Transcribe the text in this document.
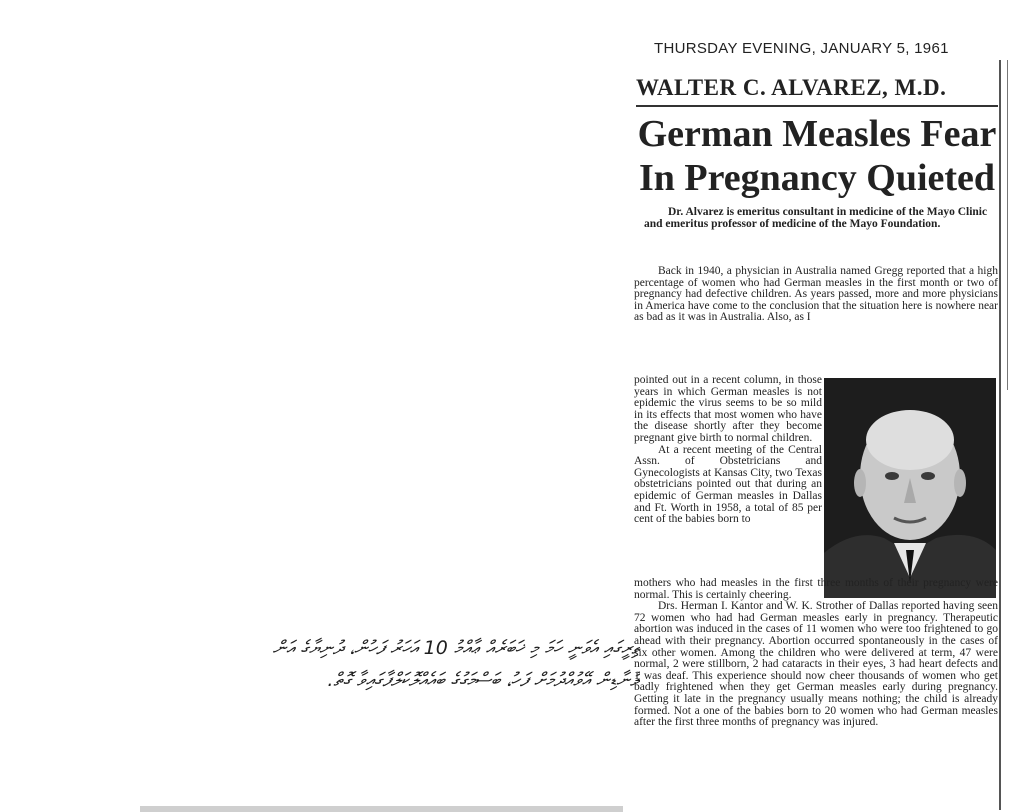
ތިރީގައި އެވަނީ ހަމަ މި ޚަބަރެއް ޢާއްމު 10 އަހަރު ފަހުން، ދުނިޔާގެ އަން
ލޮނާޑިން އޭވުއްދުމަށް ފަހު، ބަސްމަގުގެ ބައެއްލޮކަލްފާގައިވާ ގޮތް.
THURSDAY EVENING, JANUARY 5, 1961
WALTER C. ALVAREZ, M.D.
German Measles Fear
In Pregnancy Quieted
Dr. Alvarez is emeritus consultant in medicine of the Mayo Clinic and emeritus professor of medicine of the Mayo Foundation.
Back in 1940, a physician in Australia named Gregg reported that a high percentage of women who had German measles in the first month or two of pregnancy had defective children. As years passed, more and more physicians in America have come to the conclusion that the situation here is nowhere near as bad as it was in Australia. Also, as I

pointed out in a recent column, in those years in which German measles is not epidemic the virus seems to be so mild in its effects that most women who have the disease shortly after they become pregnant give birth to normal children.

At a recent meeting of the Central Assn. of Obstetricians and Gynecologists at Kansas City, two Texas obstetricians pointed out that during an epidemic of German measles in Dallas and Ft. Worth in 1958, a total of 85 per cent of the babies born to

mothers who had measles in the first three months of their pregnancy were normal. This is certainly cheering.

Drs. Herman I. Kantor and W. K. Strother of Dallas reported having seen 72 women who had had German measles early in pregnancy. Therapeutic abortion was induced in the cases of 11 women who were too frightened to go ahead with their pregnancy. Abortion occurred spontaneously in the cases of six other women. Among the children who were delivered at term, 47 were normal, 2 were stillborn, 2 had cataracts in their eyes, 3 had heart defects and 1 was deaf. This experience should now cheer thousands of women who get badly frightened when they get German measles early during pregnancy. Getting it late in the pregnancy usually means nothing; the child is already formed. Not a one of the babies born to 20 women who had German measles after the first three months of pregnancy was injured.
